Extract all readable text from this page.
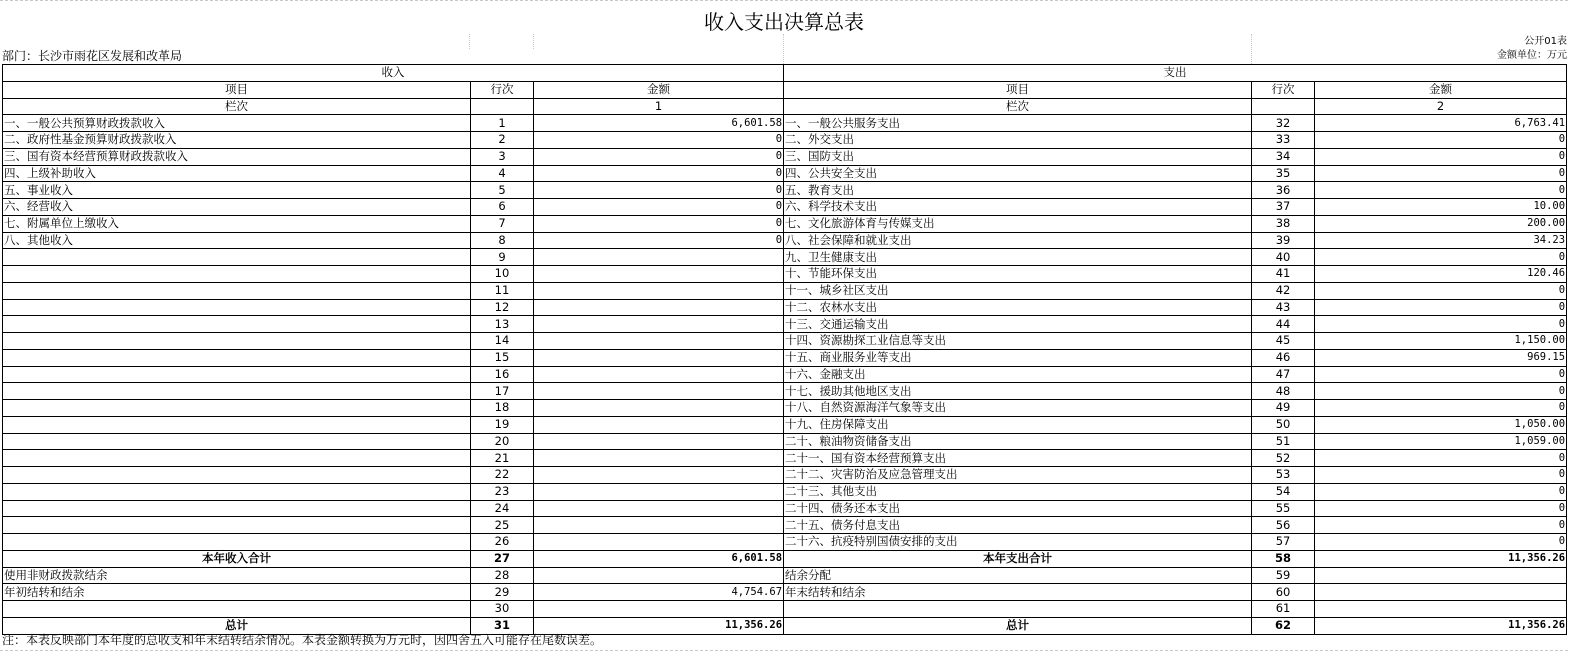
收入支出决算总表
公开01表
金额单位：万元
部门：长沙市雨花区发展和改革局
收入			支出		
项目	行次	金额	项目	行次	金额
栏次		1	栏次		2
一、一般公共预算财政拨款收入	1	6,601.58	一、一般公共服务支出	32	6,763.41
二、政府性基金预算财政拨款收入	2	0	二、外交支出	33	0
三、国有资本经营预算财政拨款收入	3	0	三、国防支出	34	0
四、上级补助收入	4	0	四、公共安全支出	35	0
五、事业收入	5	0	五、教育支出	36	0
六、经营收入	6	0	六、科学技术支出	37	10.00
七、附属单位上缴收入	7	0	七、文化旅游体育与传媒支出	38	200.00
八、其他收入	8	0	八、社会保障和就业支出	39	34.23
	9		九、卫生健康支出	40	0
	10		十、节能环保支出	41	120.46
	11		十一、城乡社区支出	42	0
	12		十二、农林水支出	43	0
	13		十三、交通运输支出	44	0
	14		十四、资源勘探工业信息等支出	45	1,150.00
	15		十五、商业服务业等支出	46	969.15
	16		十六、金融支出	47	0
	17		十七、援助其他地区支出	48	0
	18		十八、自然资源海洋气象等支出	49	0
	19		十九、住房保障支出	50	1,050.00
	20		二十、粮油物资储备支出	51	1,059.00
	21		二十一、国有资本经营预算支出	52	0
	22		二十二、灾害防治及应急管理支出	53	0
	23		二十三、其他支出	54	0
	24		二十四、债务还本支出	55	0
	25		二十五、债务付息支出	56	0
	26		二十六、抗疫特别国债安排的支出	57	0
本年收入合计	27	6,601.58	本年支出合计	58	11,356.26
使用非财政拨款结余	28		结余分配	59	
年初结转和结余	29	4,754.67	年末结转和结余	60	
	30			61	
总计	31	11,356.26	总计	62	11,356.26
注：本表反映部门本年度的总收支和年末结转结余情况。本表金额转换为万元时，因四舍五入可能存在尾数误差。
